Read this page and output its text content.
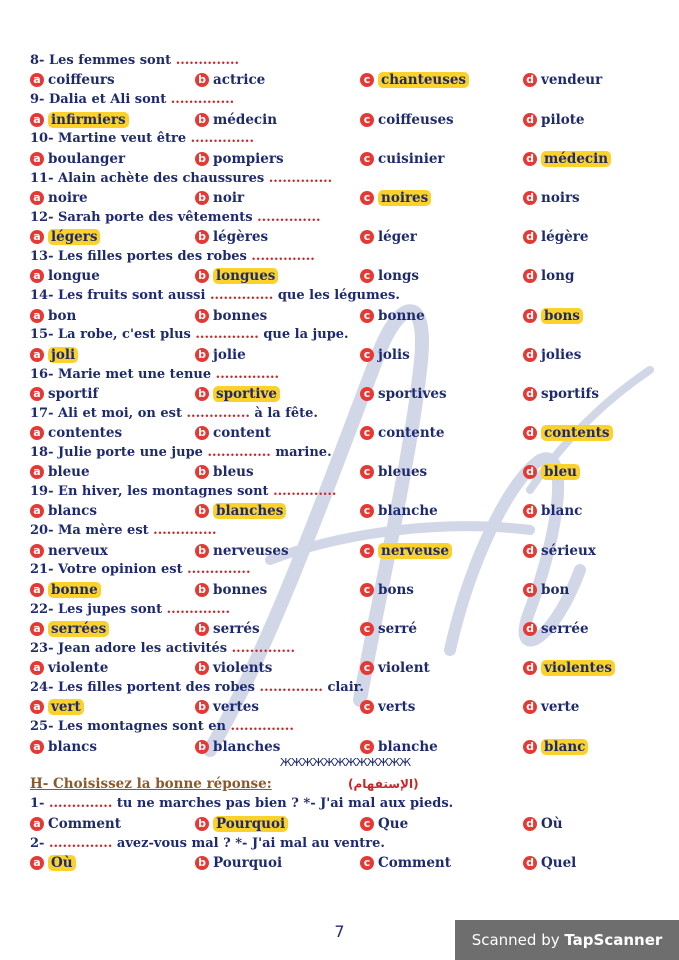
8- Les femmes sont ..............
a coiffeurs	b actrice	c chanteuses	d vendeur
9- Dalia et Ali sont ..............
a infirmiers	b médecin	c coiffeuses	d pilote
10- Martine veut être ..............
a boulanger	b pompiers	c cuisinier	d médecin
11- Alain achète des chaussures ..............
a noire	b noir	c noires	d noirs
12- Sarah porte des vêtements ..............
a légers	b légères	c léger	d légère
13- Les filles portes des robes ..............
a longue	b longues	c longs	d long
14- Les fruits sont aussi .............. que les légumes.
a bon	b bonnes	c bonne	d bons
15- La robe, c'est plus .............. que la jupe.
a joli	b jolie	c jolis	d jolies
16- Marie met une tenue ..............
a sportif	b sportive	c sportives	d sportifs
17- Ali et moi, on est .............. à la fête.
a contentes	b content	c contente	d contents
18- Julie porte une jupe .............. marine.
a bleue	b bleus	c bleues	d bleu
19- En hiver, les montagnes sont ..............
a blancs	b blanches	c blanche	d blanc
20- Ma mère est ..............
a nerveux	b nerveuses	c nerveuse	d sérieux
21- Votre opinion est ..............
a bonne	b bonnes	c bons	d bon
22- Les jupes sont ..............
a serrées	b serrés	c serré	d serrée
23- Jean adore les activités ..............
a violente	b violents	c violent	d violentes
24- Les filles portent des robes .............. clair.
a vert	b vertes	c verts	d verte
25- Les montagnes sont en ..............
a blancs	b blanches	c blanche	d blanc
ЖЖЖЖЖЖЖЖЖЖЖЖ
H- Choisissez la bonne réponse:	(الإستفهام)
1- .............. tu ne marches pas bien ? *- J'ai mal aux pieds.
a Comment	b Pourquoi	c Que	d Où
2- .............. avez-vous mal ? *- J'ai mal au ventre.
a Où	b Pourquoi	c Comment	d Quel
7	Scanned by TapScanner
